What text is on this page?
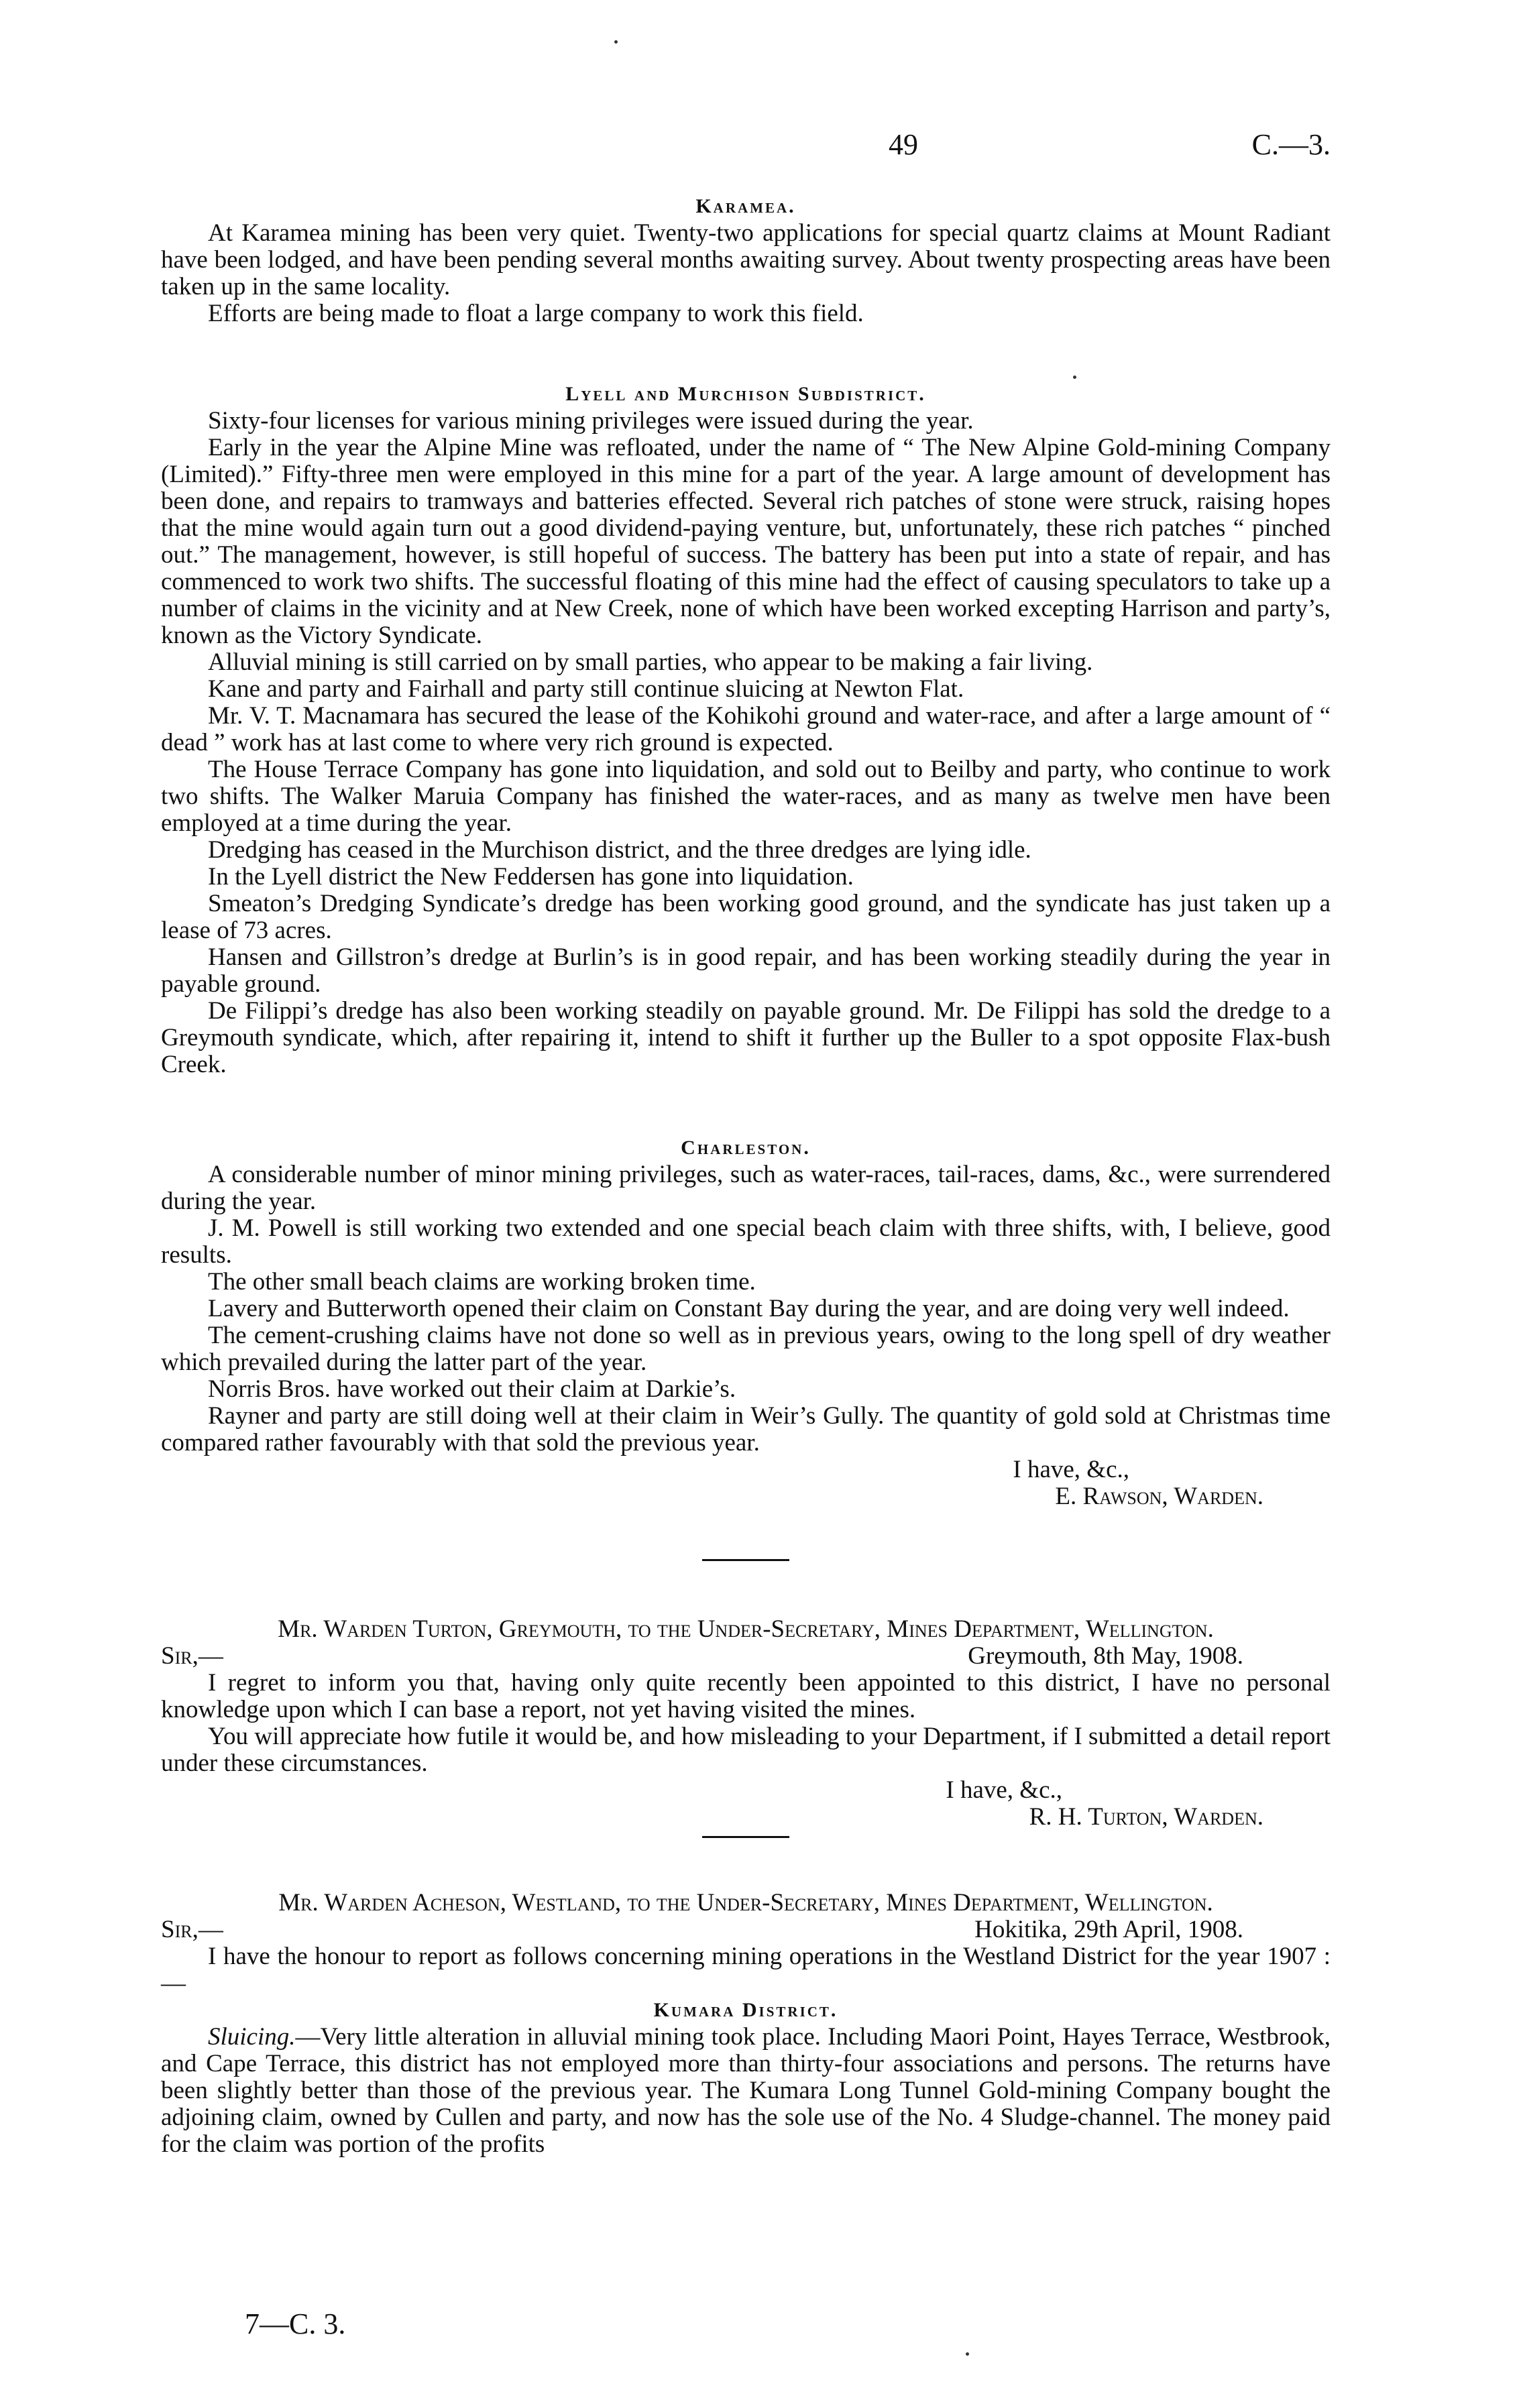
49	C.—3.
Karamea.

At Karamea mining has been very quiet. Twenty-two applications for special quartz claims at Mount Radiant have been lodged, and have been pending several months awaiting survey. About twenty prospecting areas have been taken up in the same locality.

Efforts are being made to float a large company to work this field.

Lyell and Murchison Subdistrict.

Sixty-four licenses for various mining privileges were issued during the year.

Early in the year the Alpine Mine was refloated, under the name of “ The New Alpine Gold-mining Company (Limited).” Fifty-three men were employed in this mine for a part of the year. A large amount of development has been done, and repairs to tramways and batteries effected. Several rich patches of stone were struck, raising hopes that the mine would again turn out a good dividend-paying venture, but, unfortunately, these rich patches “ pinched out.” The management, however, is still hopeful of success. The battery has been put into a state of repair, and has commenced to work two shifts. The successful floating of this mine had the effect of causing speculators to take up a number of claims in the vicinity and at New Creek, none of which have been worked excepting Harrison and party’s, known as the Victory Syndicate.

Alluvial mining is still carried on by small parties, who appear to be making a fair living.

Kane and party and Fairhall and party still continue sluicing at Newton Flat.

Mr. V. T. Macnamara has secured the lease of the Kohikohi ground and water-race, and after a large amount of “ dead ” work has at last come to where very rich ground is expected.

The House Terrace Company has gone into liquidation, and sold out to Beilby and party, who continue to work two shifts. The Walker Maruia Company has finished the water-races, and as many as twelve men have been employed at a time during the year.

Dredging has ceased in the Murchison district, and the three dredges are lying idle.

In the Lyell district the New Feddersen has gone into liquidation.

Smeaton’s Dredging Syndicate’s dredge has been working good ground, and the syndicate has just taken up a lease of 73 acres.

Hansen and Gillstron’s dredge at Burlin’s is in good repair, and has been working steadily during the year in payable ground.

De Filippi’s dredge has also been working steadily on payable ground. Mr. De Filippi has sold the dredge to a Greymouth syndicate, which, after repairing it, intend to shift it further up the Buller to a spot opposite Flax-bush Creek.

Charleston.

A considerable number of minor mining privileges, such as water-races, tail-races, dams, &c., were surrendered during the year.

J. M. Powell is still working two extended and one special beach claim with three shifts, with, I believe, good results.

The other small beach claims are working broken time.

Lavery and Butterworth opened their claim on Constant Bay during the year, and are doing very well indeed.

The cement-crushing claims have not done so well as in previous years, owing to the long spell of dry weather which prevailed during the latter part of the year.

Norris Bros. have worked out their claim at Darkie’s.

Rayner and party are still doing well at their claim in Weir’s Gully. The quantity of gold sold at Christmas time compared rather favourably with that sold the previous year.

I have, &c.,
E. Rawson, Warden.
Mr. Warden Turton, Greymouth, to the Under-Secretary, Mines Department, Wellington.
Sir,—	Greymouth, 8th May, 1908.

I regret to inform you that, having only quite recently been appointed to this district, I have no personal knowledge upon which I can base a report, not yet having visited the mines.

You will appreciate how futile it would be, and how misleading to your Department, if I submitted a detail report under these circumstances.

I have, &c.,
R. H. Turton, Warden.
Mr. Warden Acheson, Westland, to the Under-Secretary, Mines Department, Wellington.
Sir,—	Hokitika, 29th April, 1908.

I have the honour to report as follows concerning mining operations in the Westland District for the year 1907 :—

Kumara District.

Sluicing.—Very little alteration in alluvial mining took place. Including Maori Point, Hayes Terrace, Westbrook, and Cape Terrace, this district has not employed more than thirty-four associations and persons. The returns have been slightly better than those of the previous year. The Kumara Long Tunnel Gold-mining Company bought the adjoining claim, owned by Cullen and party, and now has the sole use of the No. 4 Sludge-channel. The money paid for the claim was portion of the profits

7—C. 3.
